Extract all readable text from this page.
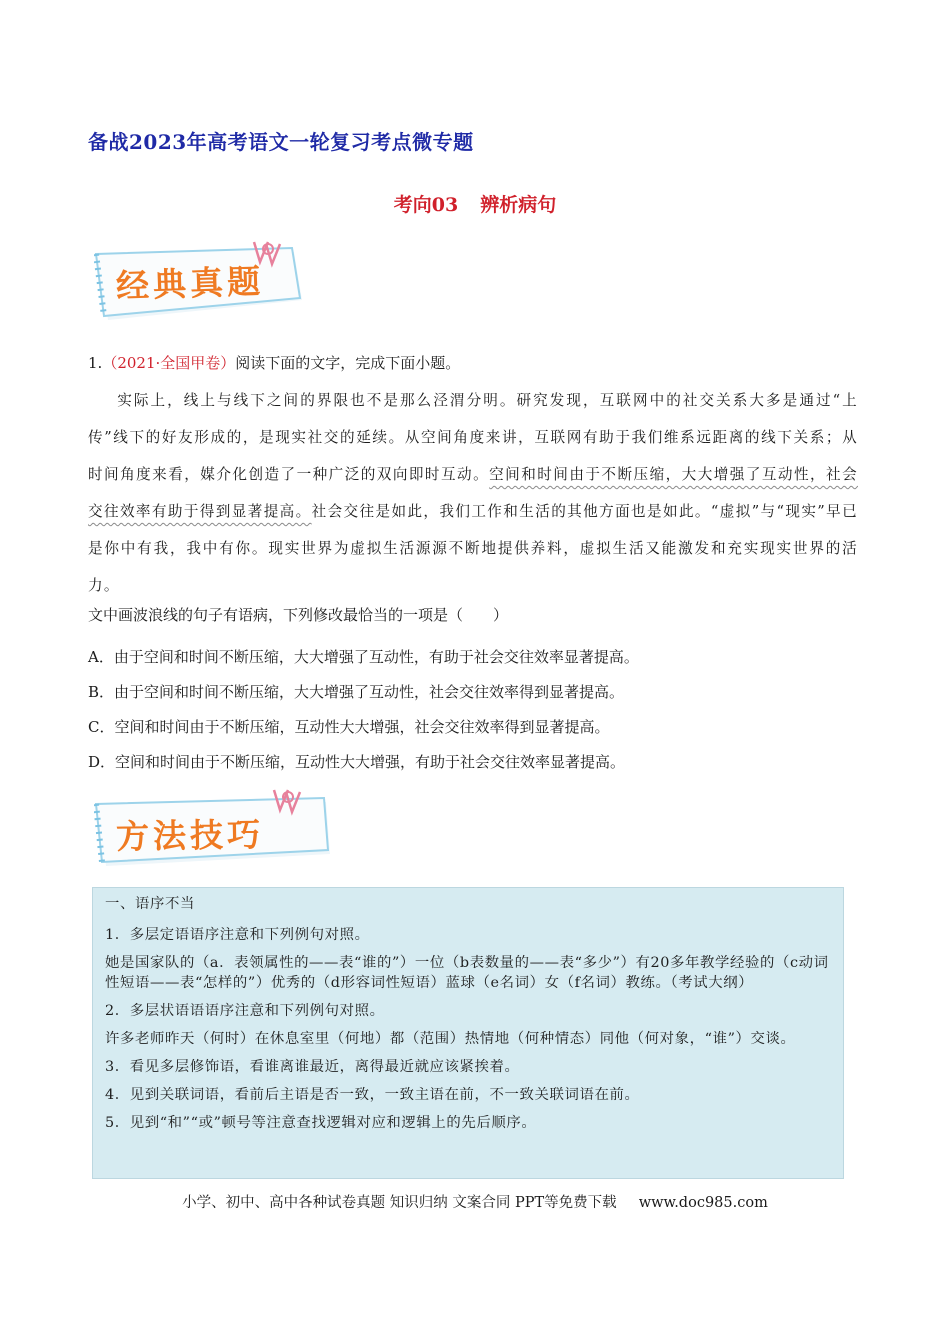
备战2023年高考语文一轮复习考点微专题
考向03 辨析病句
经典真题
1.（2021·全国甲卷）阅读下面的文字，完成下面小题。

实际上，线上与线下之间的界限也不是那么泾渭分明。研究发现，互联网中的社交关系大多是通过“上传”线下的好友形成的，是现实社交的延续。从空间角度来讲，互联网有助于我们维系远距离的线下关系；从时间角度来看，媒介化创造了一种广泛的双向即时互动。空间和时间由于不断压缩，大大增强了互动性，社会交往效率有助于得到显著提高。社会交往是如此，我们工作和生活的其他方面也是如此。“虚拟”与“现实”早已是你中有我，我中有你。现实世界为虚拟生活源源不断地提供养料，虚拟生活又能激发和充实现实世界的活力。

文中画波浪线的句子有语病，下列修改最恰当的一项是（　　）
A．由于空间和时间不断压缩，大大增强了互动性，有助于社会交往效率显著提高。
B．由于空间和时间不断压缩，大大增强了互动性，社会交往效率得到显著提高。
C．空间和时间由于不断压缩，互动性大大增强，社会交往效率得到显著提高。
D．空间和时间由于不断压缩，互动性大大增强，有助于社会交往效率显著提高。
方法技巧

一、语序不当

1．多层定语语序注意和下列例句对照。

她是国家队的（a．表领属性的——表“谁的”）一位（b表数量的——表“多少”）有20多年教学经验的（c动词性短语——表“怎样的”）优秀的（d形容词性短语）蓝球（e名词）女（f名词）教练。（考试大纲）

2．多层状语语语序注意和下列例句对照。

许多老师昨天（何时）在休息室里（何地）都（范围）热情地（何种情态）同他（何对象，“谁”）交谈。

3．看见多层修饰语，看谁离谁最近，离得最近就应该紧挨着。

4．见到关联词语，看前后主语是否一致，一致主语在前，不一致关联词语在前。

5．见到“和”“或”顿号等注意查找逻辑对应和逻辑上的先后顺序。

小学、初中、高中各种试卷真题 知识归纳 文案合同 PPT等免费下载 www.doc985.com
